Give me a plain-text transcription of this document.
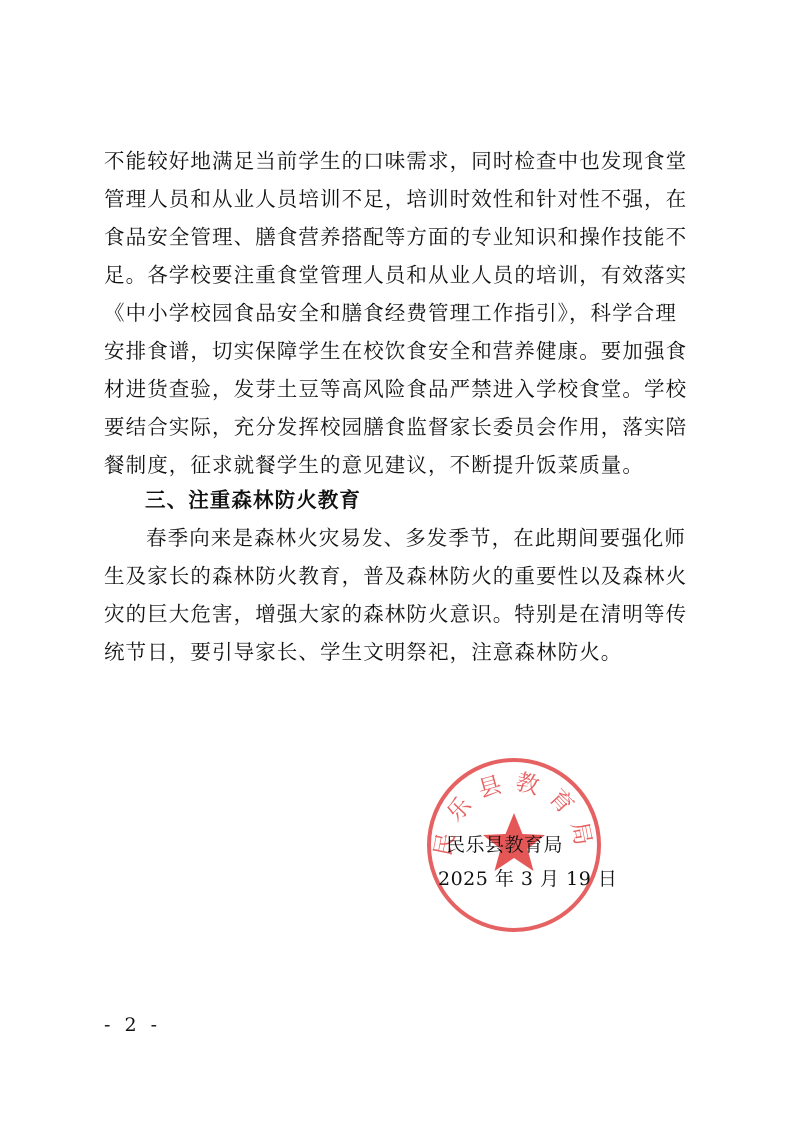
不能较好地满足当前学生的口味需求，同时检查中也发现食堂管理人员和从业人员培训不足，培训时效性和针对性不强，在食品安全管理、膳食营养搭配等方面的专业知识和操作技能不足。各学校要注重食堂管理人员和从业人员的培训，有效落实《中小学校园食品安全和膳食经费管理工作指引》，科学合理安排食谱，切实保障学生在校饮食安全和营养健康。要加强食材进货查验，发芽土豆等高风险食品严禁进入学校食堂。学校要结合实际，充分发挥校园膳食监督家长委员会作用，落实陪餐制度，征求就餐学生的意见建议，不断提升饭菜质量。

三、注重森林防火教育

春季向来是森林火灾易发、多发季节，在此期间要强化师生及家长的森林防火教育，普及森林防火的重要性以及森林火灾的巨大危害，增强大家的森林防火意识。特别是在清明等传统节日，要引导家长、学生文明祭祀，注意森林防火。

民乐县教育局
民乐县教育局
2025 年 3 月 19 日
- 2 -
